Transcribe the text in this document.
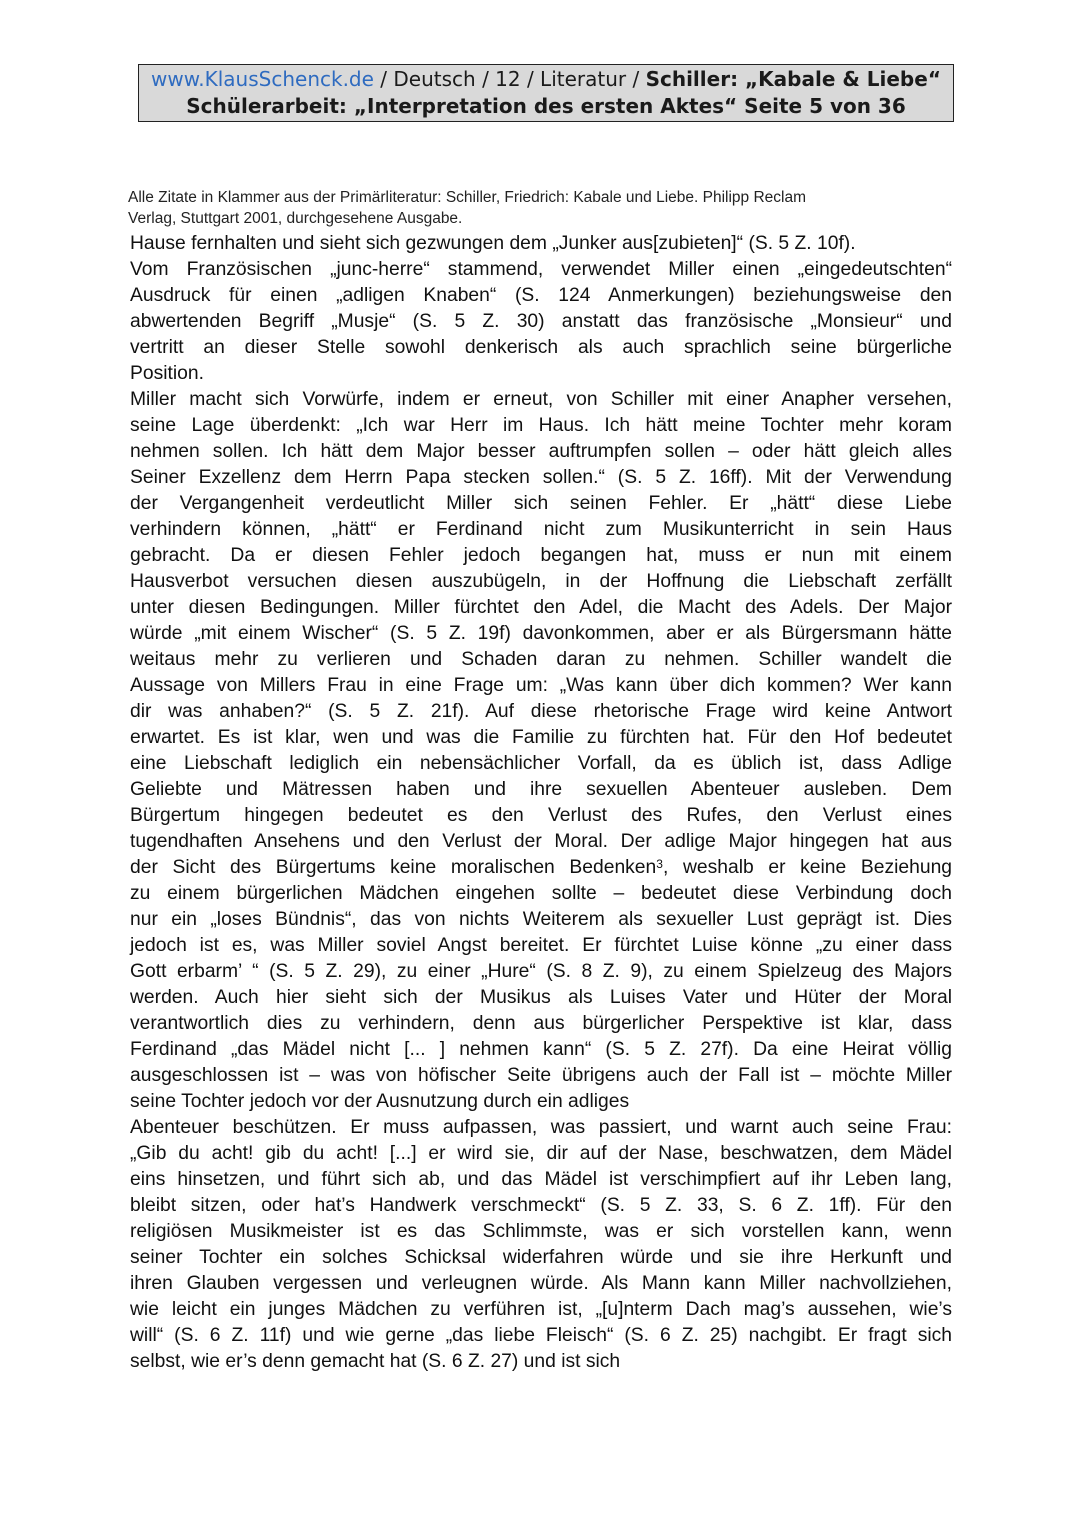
www.KlausSchenck.de / Deutsch / 12 / Literatur / Schiller: „Kabale & Liebe“
Schülerarbeit: „Interpretation des ersten Aktes“ Seite 5 von 36
Alle Zitate in Klammer aus der Primärliteratur: Schiller, Friedrich: Kabale und Liebe. Philipp Reclam
Verlag, Stuttgart 2001, durchgesehene Ausgabe.
Hause fernhalten und sieht sich gezwungen dem „Junker aus[zubieten]“ (S. 5 Z. 10f).
Vom Französischen „junc-herre“ stammend, verwendet Miller einen „eingedeutschten“
Ausdruck für einen „adligen Knaben“ (S. 124 Anmerkungen) beziehungsweise den
abwertenden Begriff „Musje“ (S. 5 Z. 30) anstatt das französische „Monsieur“ und
vertritt an dieser Stelle sowohl denkerisch als auch sprachlich seine bürgerliche
Position.
Miller macht sich Vorwürfe, indem er erneut, von Schiller mit einer Anapher versehen,
seine Lage überdenkt: „Ich war Herr im Haus. Ich hätt meine Tochter mehr koram
nehmen sollen. Ich hätt dem Major besser auftrumpfen sollen – oder hätt gleich alles
Seiner Exzellenz dem Herrn Papa stecken sollen.“ (S. 5 Z. 16ff). Mit der Verwendung
der Vergangenheit verdeutlicht Miller sich seinen Fehler. Er „hätt“ diese Liebe
verhindern können, „hätt“ er Ferdinand nicht zum Musikunterricht in sein Haus
gebracht. Da er diesen Fehler jedoch begangen hat, muss er nun mit einem
Hausverbot versuchen diesen auszubügeln, in der Hoffnung die Liebschaft zerfällt
unter diesen Bedingungen. Miller fürchtet den Adel, die Macht des Adels. Der Major
würde „mit einem Wischer“ (S. 5 Z. 19f) davonkommen, aber er als Bürgersmann hätte
weitaus mehr zu verlieren und Schaden daran zu nehmen. Schiller wandelt die
Aussage von Millers Frau in eine Frage um: „Was kann über dich kommen? Wer kann
dir was anhaben?“ (S. 5 Z. 21f). Auf diese rhetorische Frage wird keine Antwort
erwartet. Es ist klar, wen und was die Familie zu fürchten hat. Für den Hof bedeutet
eine Liebschaft lediglich ein nebensächlicher Vorfall, da es üblich ist, dass Adlige
Geliebte und Mätressen haben und ihre sexuellen Abenteuer ausleben. Dem
Bürgertum hingegen bedeutet es den Verlust des Rufes, den Verlust eines
tugendhaften Ansehens und den Verlust der Moral. Der adlige Major hingegen hat aus
der Sicht des Bürgertums keine moralischen Bedenken$^3$, weshalb er keine Beziehung
zu einem bürgerlichen Mädchen eingehen sollte – bedeutet diese Verbindung doch
nur ein „loses Bündnis“, das von nichts Weiterem als sexueller Lust geprägt ist. Dies
jedoch ist es, was Miller soviel Angst bereitet. Er fürchtet Luise könne „zu einer dass
Gott erbarm’ “ (S. 5 Z. 29), zu einer „Hure“ (S. 8 Z. 9), zu einem Spielzeug des Majors
werden. Auch hier sieht sich der Musikus als Luises Vater und Hüter der Moral
verantwortlich dies zu verhindern, denn aus bürgerlicher Perspektive ist klar, dass
Ferdinand „das Mädel nicht [... ] nehmen kann“ (S. 5 Z. 27f). Da eine Heirat völlig
ausgeschlossen ist – was von höfischer Seite übrigens auch der Fall ist – möchte Miller
seine Tochter jedoch vor der Ausnutzung durch ein adliges
Abenteuer beschützen. Er muss aufpassen, was passiert, und warnt auch seine Frau:
„Gib du acht! gib du acht! [...] er wird sie, dir auf der Nase, beschwatzen, dem Mädel
eins hinsetzen, und führt sich ab, und das Mädel ist verschimpfiert auf ihr Leben lang,
bleibt sitzen, oder hat’s Handwerk verschmeckt“ (S. 5 Z. 33, S. 6 Z. 1ff). Für den
religiösen Musikmeister ist es das Schlimmste, was er sich vorstellen kann, wenn
seiner Tochter ein solches Schicksal widerfahren würde und sie ihre Herkunft und
ihren Glauben vergessen und verleugnen würde. Als Mann kann Miller nachvollziehen,
wie leicht ein junges Mädchen zu verführen ist, „[u]nterm Dach mag’s aussehen, wie’s
will“ (S. 6 Z. 11f) und wie gerne „das liebe Fleisch“ (S. 6 Z. 25) nachgibt. Er fragt sich
selbst, wie er’s denn gemacht hat (S. 6 Z. 27) und ist sich
